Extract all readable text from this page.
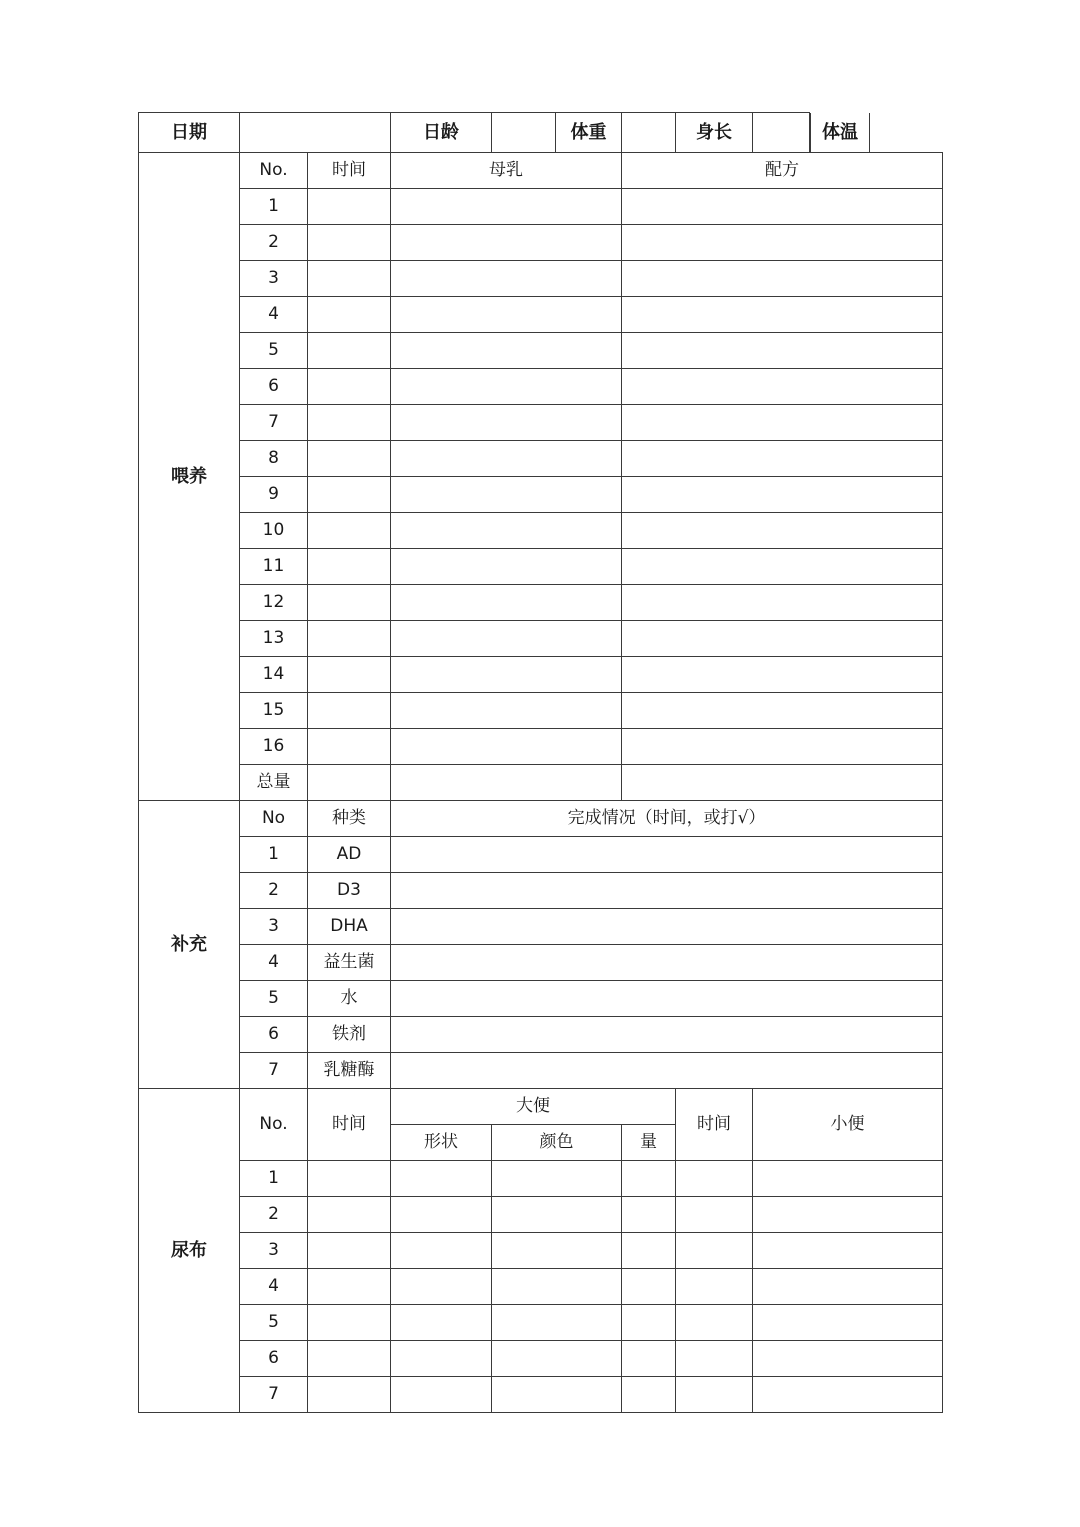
日期			日龄		体重		身长	体温

喂养	No.	时间	母乳			配方		
	1							
	2							
	3							
	4							
	5							
	6							
	7							
	8							
	9							
	10							
	11							
	12							
	13							
	14							
	15							
	16							
	总量							
补充	No	种类	完成情况（时间，或打√）					
	1	AD						
	2	D3						
	3	DHA						
	4	益生菌						
	5	水						
	6	铁剂						
	7	乳糖酶						
尿布	No.	时间	大便				时间	小便
			形状	颜色		量		
	1							
	2							
	3							
	4							
	5							
	6							
	7							
